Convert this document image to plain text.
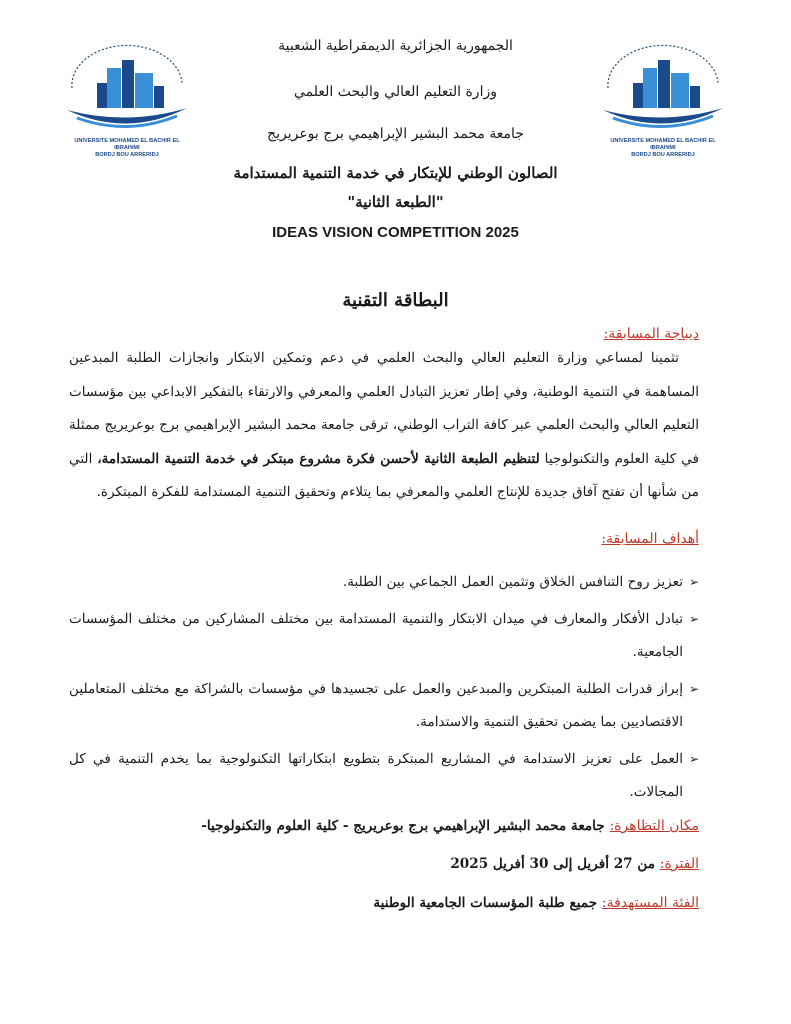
UNIVERSITE MOHAMED EL BACHIR EL IBRAHIMI
BORDJ BOU ARRERIDJ
UNIVERSITE MOHAMED EL BACHIR EL IBRAHIMI
BORDJ BOU ARRERIDJ
الجمهورية الجزائرية الديمقراطية الشعبية
وزارة التعليم العالي والبحث العلمي
جامعة محمد البشير الإبراهيمي برج بوعريريج
الصالون الوطني للإبتكار في خدمة التنمية المستدامة
"الطبعة الثانية"
IDEAS VISION COMPETITION 2025
البطاقة التقنية
ديباجة المسابقة:
تثمينا لمساعي وزارة التعليم العالي والبحث العلمي في دعم وتمكين الابتكار وانجازات الطلبة المبدعين المساهمة في التنمية الوطنية، وفي إطار تعزيز التبادل العلمي والمعرفي والارتقاء بالتفكير الابداعي بين مؤسسات التعليم العالي والبحث العلمي عبر كافة التراب الوطني، ترقى جامعة محمد البشير الإبراهيمي برج بوعريريج ممثلة في كلية العلوم والتكنولوجيا لتنظيم الطبعة الثانية لأحسن فكرة مشروع مبتكر في خدمة التنمية المستدامة، التي من شأنها أن تفتح آفاق جديدة للإنتاج العلمي والمعرفي بما يتلاءم وتحقيق التنمية المستدامة للفكرة المبتكرة.
أهداف المسابقة:
➢
تعزيز روح التنافس الخلاق وتثمين العمل الجماعي بين الطلبة.
➢
تبادل الأفكار والمعارف في ميدان الابتكار والتنمية المستدامة بين مختلف المشاركين من مختلف المؤسسات الجامعية.
➢
إبراز قدرات الطلبة المبتكرين والمبدعين والعمل على تجسيدها في مؤسسات بالشراكة مع مختلف المتعاملين الاقتصاديين بما يضمن تحقيق التنمية والاستدامة.
➢
العمل على تعزيز الاستدامة في المشاريع المبتكرة بتطويع ابتكاراتها التكنولوجية بما يخدم التنمية في كل المجالات.
مكان التظاهرة: جامعة محمد البشير الإبراهيمي برج بوعريريج - كلية العلوم والتكنولوجيا-
الفترة: من 27 أفريل إلى 30 أفريل 2025
الفئة المستهدفة: جميع طلبة المؤسسات الجامعية الوطنية
